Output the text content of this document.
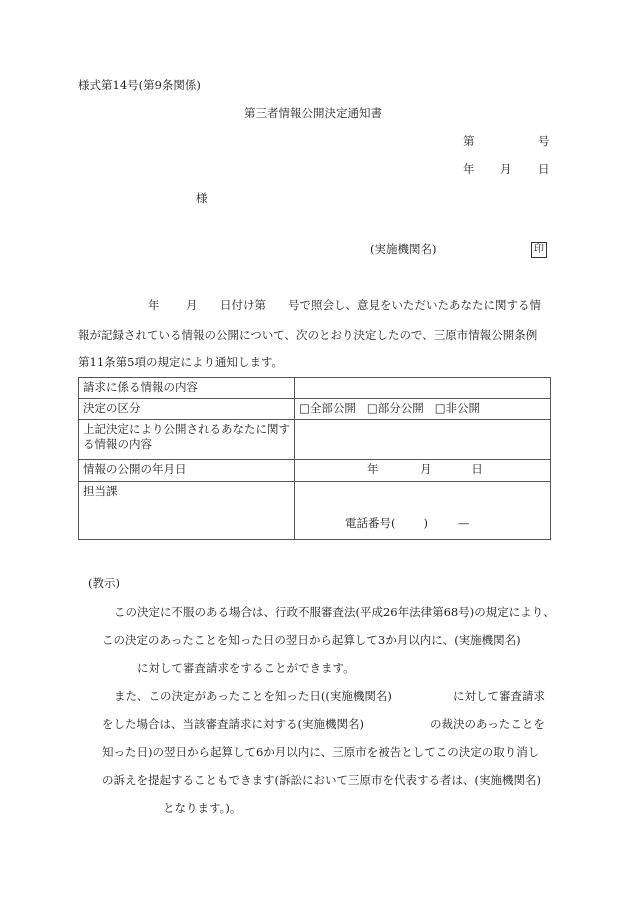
様式第14号(第9条関係)
第三者情報公開決定通知書
第	号
年 月 日
様
(実施機関名)	印
年 月 日付け第 号で照会し、意見をいただいたあなたに関する情
報が記録されている情報の公開について、次のとおり決定したので、三原市情報公開条例
第11条第5項の規定により通知します。
請求に係る情報の内容	
決定の区分	□全部公開 □部分公開 □非公開
上記決定により公開されるあなたに関する情報の内容	
情報の公開の年月日	年 月 日
担当課	電話番号( ) —
(教示)
この決定に不服のある場合は、行政不服審査法(平成26年法律第68号)の規定により、
この決定のあったことを知った日の翌日から起算して3か月以内に、(実施機関名)
に対して審査請求をすることができます。
また、この決定があったことを知った日((実施機関名)	に対して審査請求
をした場合は、当該審査請求に対する(実施機関名)	の裁決のあったことを
知った日)の翌日から起算して6か月以内に、三原市を被告としてこの決定の取り消し
の訴えを提起することもできます(訴訟において三原市を代表する者は、(実施機関名)
となります。)。
